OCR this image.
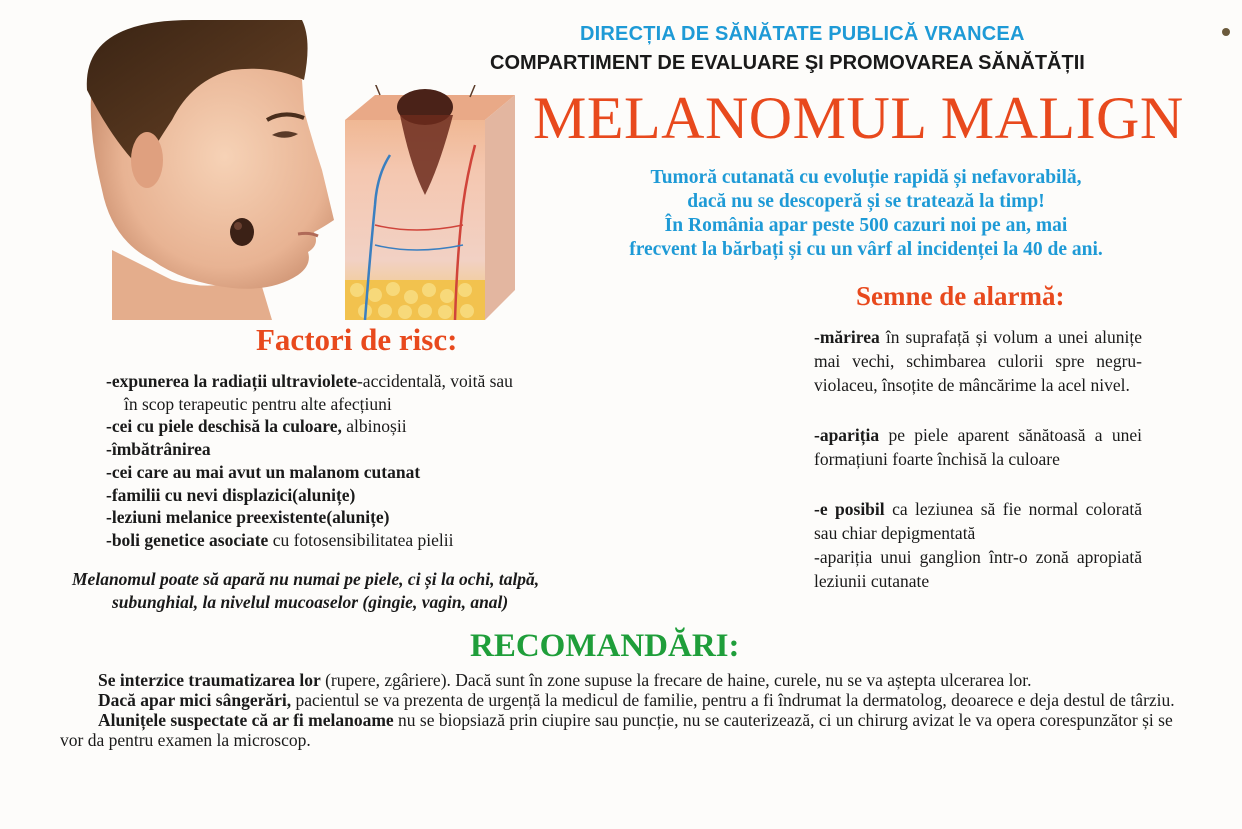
DIRECȚIA DE SĂNĂTATE PUBLICĂ VRANCEA
COMPARTIMENT DE EVALUARE ŞI PROMOVAREA SĂNĂTĂȚII
MELANOMUL MALIGN
Tumoră cutanată cu evoluție rapidă și nefavorabilă,
dacă nu se descoperă și se tratează la timp!
În România apar peste 500 cazuri noi pe an, mai
frecvent la bărbați și cu un vârf al incidenței la 40 de ani.
Factori de risc:
-expunerea la radiații ultraviolete-accidentală, voită sau
în scop terapeutic pentru alte afecțiuni
-cei cu piele deschisă la culoare, albinoșii
-îmbătrânirea
-cei care au mai avut un malanom cutanat
-familii cu nevi displazici(alunițe)
-leziuni melanice preexistente(alunițe)
-boli genetice asociate cu fotosensibilitatea pielii
Melanomul poate să apară nu numai pe piele, ci și la ochi, talpă,
subunghial, la nivelul mucoaselor (gingie, vagin, anal)
Semne de alarmă:
-mărirea în suprafață și volum a unei alunițe mai vechi, schimbarea culorii spre negru-violaceu, însoțite de mâncărime la acel nivel.
-apariția pe piele aparent sănătoasă a unei formațiuni foarte închisă la culoare
-e posibil ca leziunea să fie normal colorată sau chiar depigmentată
-apariția unui ganglion într-o zonă apropiată leziunii cutanate
RECOMANDĂRI:
Se interzice traumatizarea lor (rupere, zgâriere). Dacă sunt în zone supuse la frecare de haine, curele, nu se va aștepta ulcerarea lor.
Dacă apar mici sângerări, pacientul se va prezenta de urgență la medicul de familie, pentru a fi îndrumat la dermatolog, deoarece e deja destul de târziu.
Alunițele suspectate că ar fi melanoame nu se biopsiază prin ciupire sau puncție, nu se cauterizează, ci un chirurg avizat le va opera corespunzător și se vor da pentru examen la microscop.
